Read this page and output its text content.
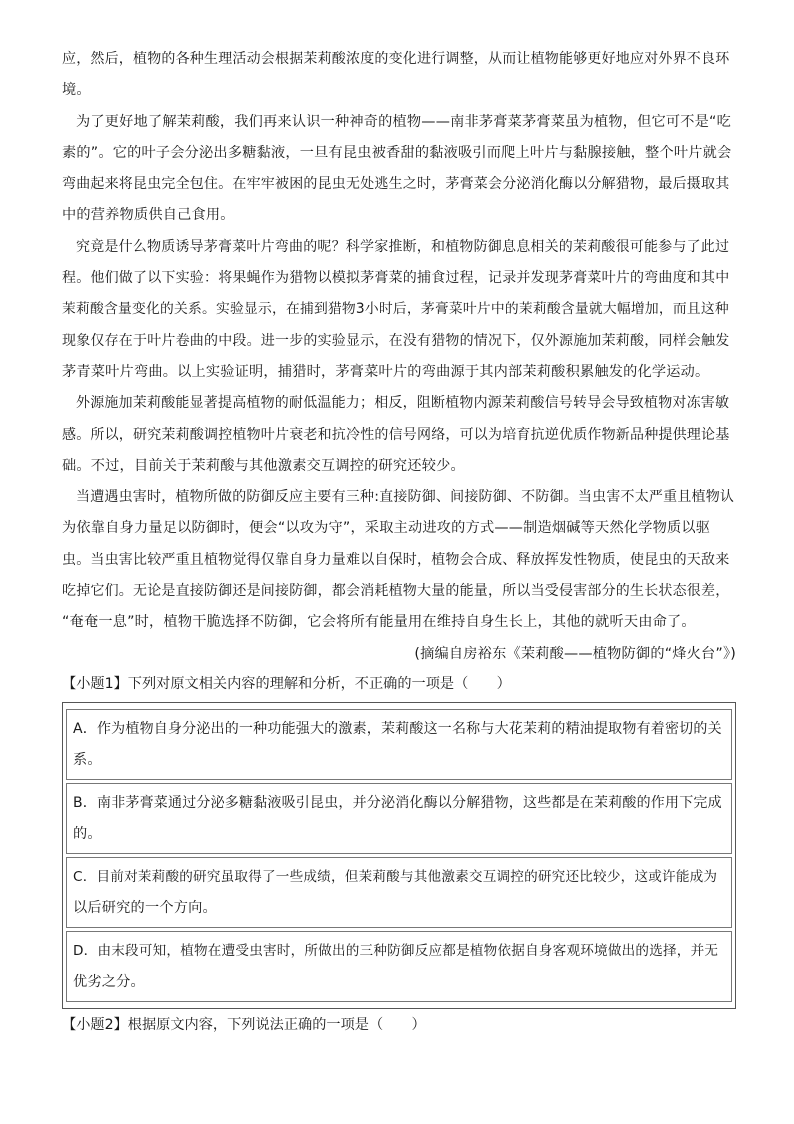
应，然后，植物的各种生理活动会根据茉莉酸浓度的变化进行调整，从而让植物能够更好地应对外界不良环
境。
为了更好地了解茉莉酸，我们再来认识一种神奇的植物——南非茅膏菜茅膏菜虽为植物，但它可不是“吃
素的”。它的叶子会分泌出多糖黏液，一旦有昆虫被香甜的黏液吸引而爬上叶片与黏腺接触，整个叶片就会
弯曲起来将昆虫完全包住。在牢牢被困的昆虫无处逃生之时，茅膏菜会分泌消化酶以分解猎物，最后摄取其
中的营养物质供自己食用。
究竟是什么物质诱导茅膏菜叶片弯曲的呢？科学家推断，和植物防御息息相关的茉莉酸很可能参与了此过
程。他们做了以下实验：将果蝇作为猎物以模拟茅膏菜的捕食过程，记录并发现茅膏菜叶片的弯曲度和其中
茉莉酸含量变化的关系。实验显示，在捕到猎物3小时后，茅膏菜叶片中的茉莉酸含量就大幅增加，而且这种
现象仅存在于叶片卷曲的中段。进一步的实验显示，在没有猎物的情况下，仅外源施加茉莉酸，同样会触发
茅青菜叶片弯曲。以上实验证明，捕猎时，茅膏菜叶片的弯曲源于其内部茉莉酸积累触发的化学运动。
外源施加茉莉酸能显著提高植物的耐低温能力；相反，阻断植物内源茉莉酸信号转导会导致植物对冻害敏
感。所以，研究茉莉酸调控植物叶片衰老和抗冷性的信号网络，可以为培育抗逆优质作物新品种提供理论基
础。不过，目前关于茉莉酸与其他激素交互调控的研究还较少。
当遭遇虫害时，植物所做的防御反应主要有三种:直接防御、间接防御、不防御。当虫害不太严重且植物认
为依靠自身力量足以防御时，便会“以攻为守”，采取主动进攻的方式——制造烟碱等天然化学物质以驱
虫。当虫害比较严重且植物觉得仅靠自身力量难以自保时，植物会合成、释放挥发性物质，使昆虫的天敌来
吃掉它们。无论是直接防御还是间接防御，都会消耗植物大量的能量，所以当受侵害部分的生长状态很差，
“奄奄一息”时，植物干脆选择不防御，它会将所有能量用在维持自身生长上，其他的就听天由命了。
(摘编自房裕东《茉莉酸——植物防御的“烽火台”》)
【小题1】下列对原文相关内容的理解和分析，不正确的一项是（　　）
A．作为植物自身分泌出的一种功能强大的激素，茉莉酸这一名称与大花茉莉的精油提取物有着密切的关
系。
B．南非茅膏菜通过分泌多糖黏液吸引昆虫，并分泌消化酶以分解猎物，这些都是在茉莉酸的作用下完成
的。
C．目前对茉莉酸的研究虽取得了一些成绩，但茉莉酸与其他激素交互调控的研究还比较少，这或许能成为
以后研究的一个方向。
D．由末段可知，植物在遭受虫害时，所做出的三种防御反应都是植物依据自身客观环境做出的选择，并无
优劣之分。
【小题2】根据原文内容，下列说法正确的一项是（　　）
